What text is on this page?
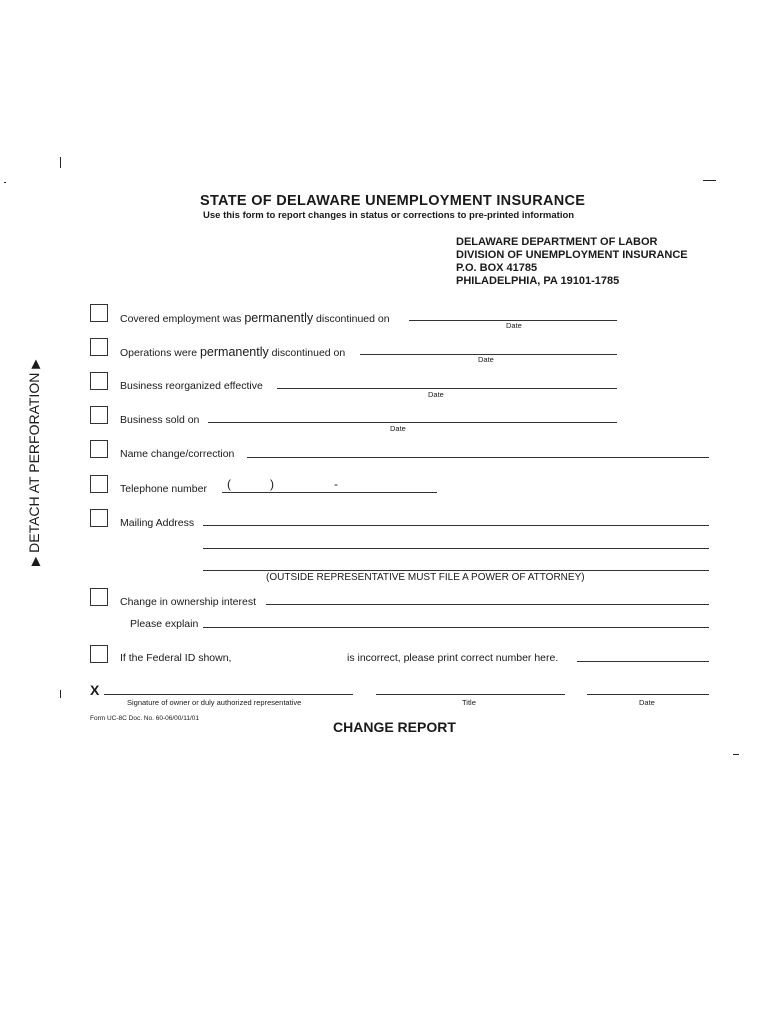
STATE OF DELAWARE UNEMPLOYMENT INSURANCE
Use this form to report changes in status or corrections to pre-printed information
DELAWARE DEPARTMENT OF LABOR
DIVISION OF UNEMPLOYMENT INSURANCE
P.O. BOX 41785
PHILADELPHIA, PA 19101-1785
▶ DETACH AT PERFORATION ▶
Covered employment was permanently discontinued on
Date
Operations were permanently discontinued on
Date
Business reorganized effective
Date
Business sold on
Date
Name change/correction
Telephone number (	)	-
Mailing Address
(OUTSIDE REPRESENTATIVE MUST FILE A POWER OF ATTORNEY)
Change in ownership interest
Please explain
If the Federal ID shown,	is incorrect, please print correct number here.
X
Signature of owner or duly authorized representative	Title	Date
Form UC-8C Doc. No. 60-06/00/11/01
CHANGE REPORT
